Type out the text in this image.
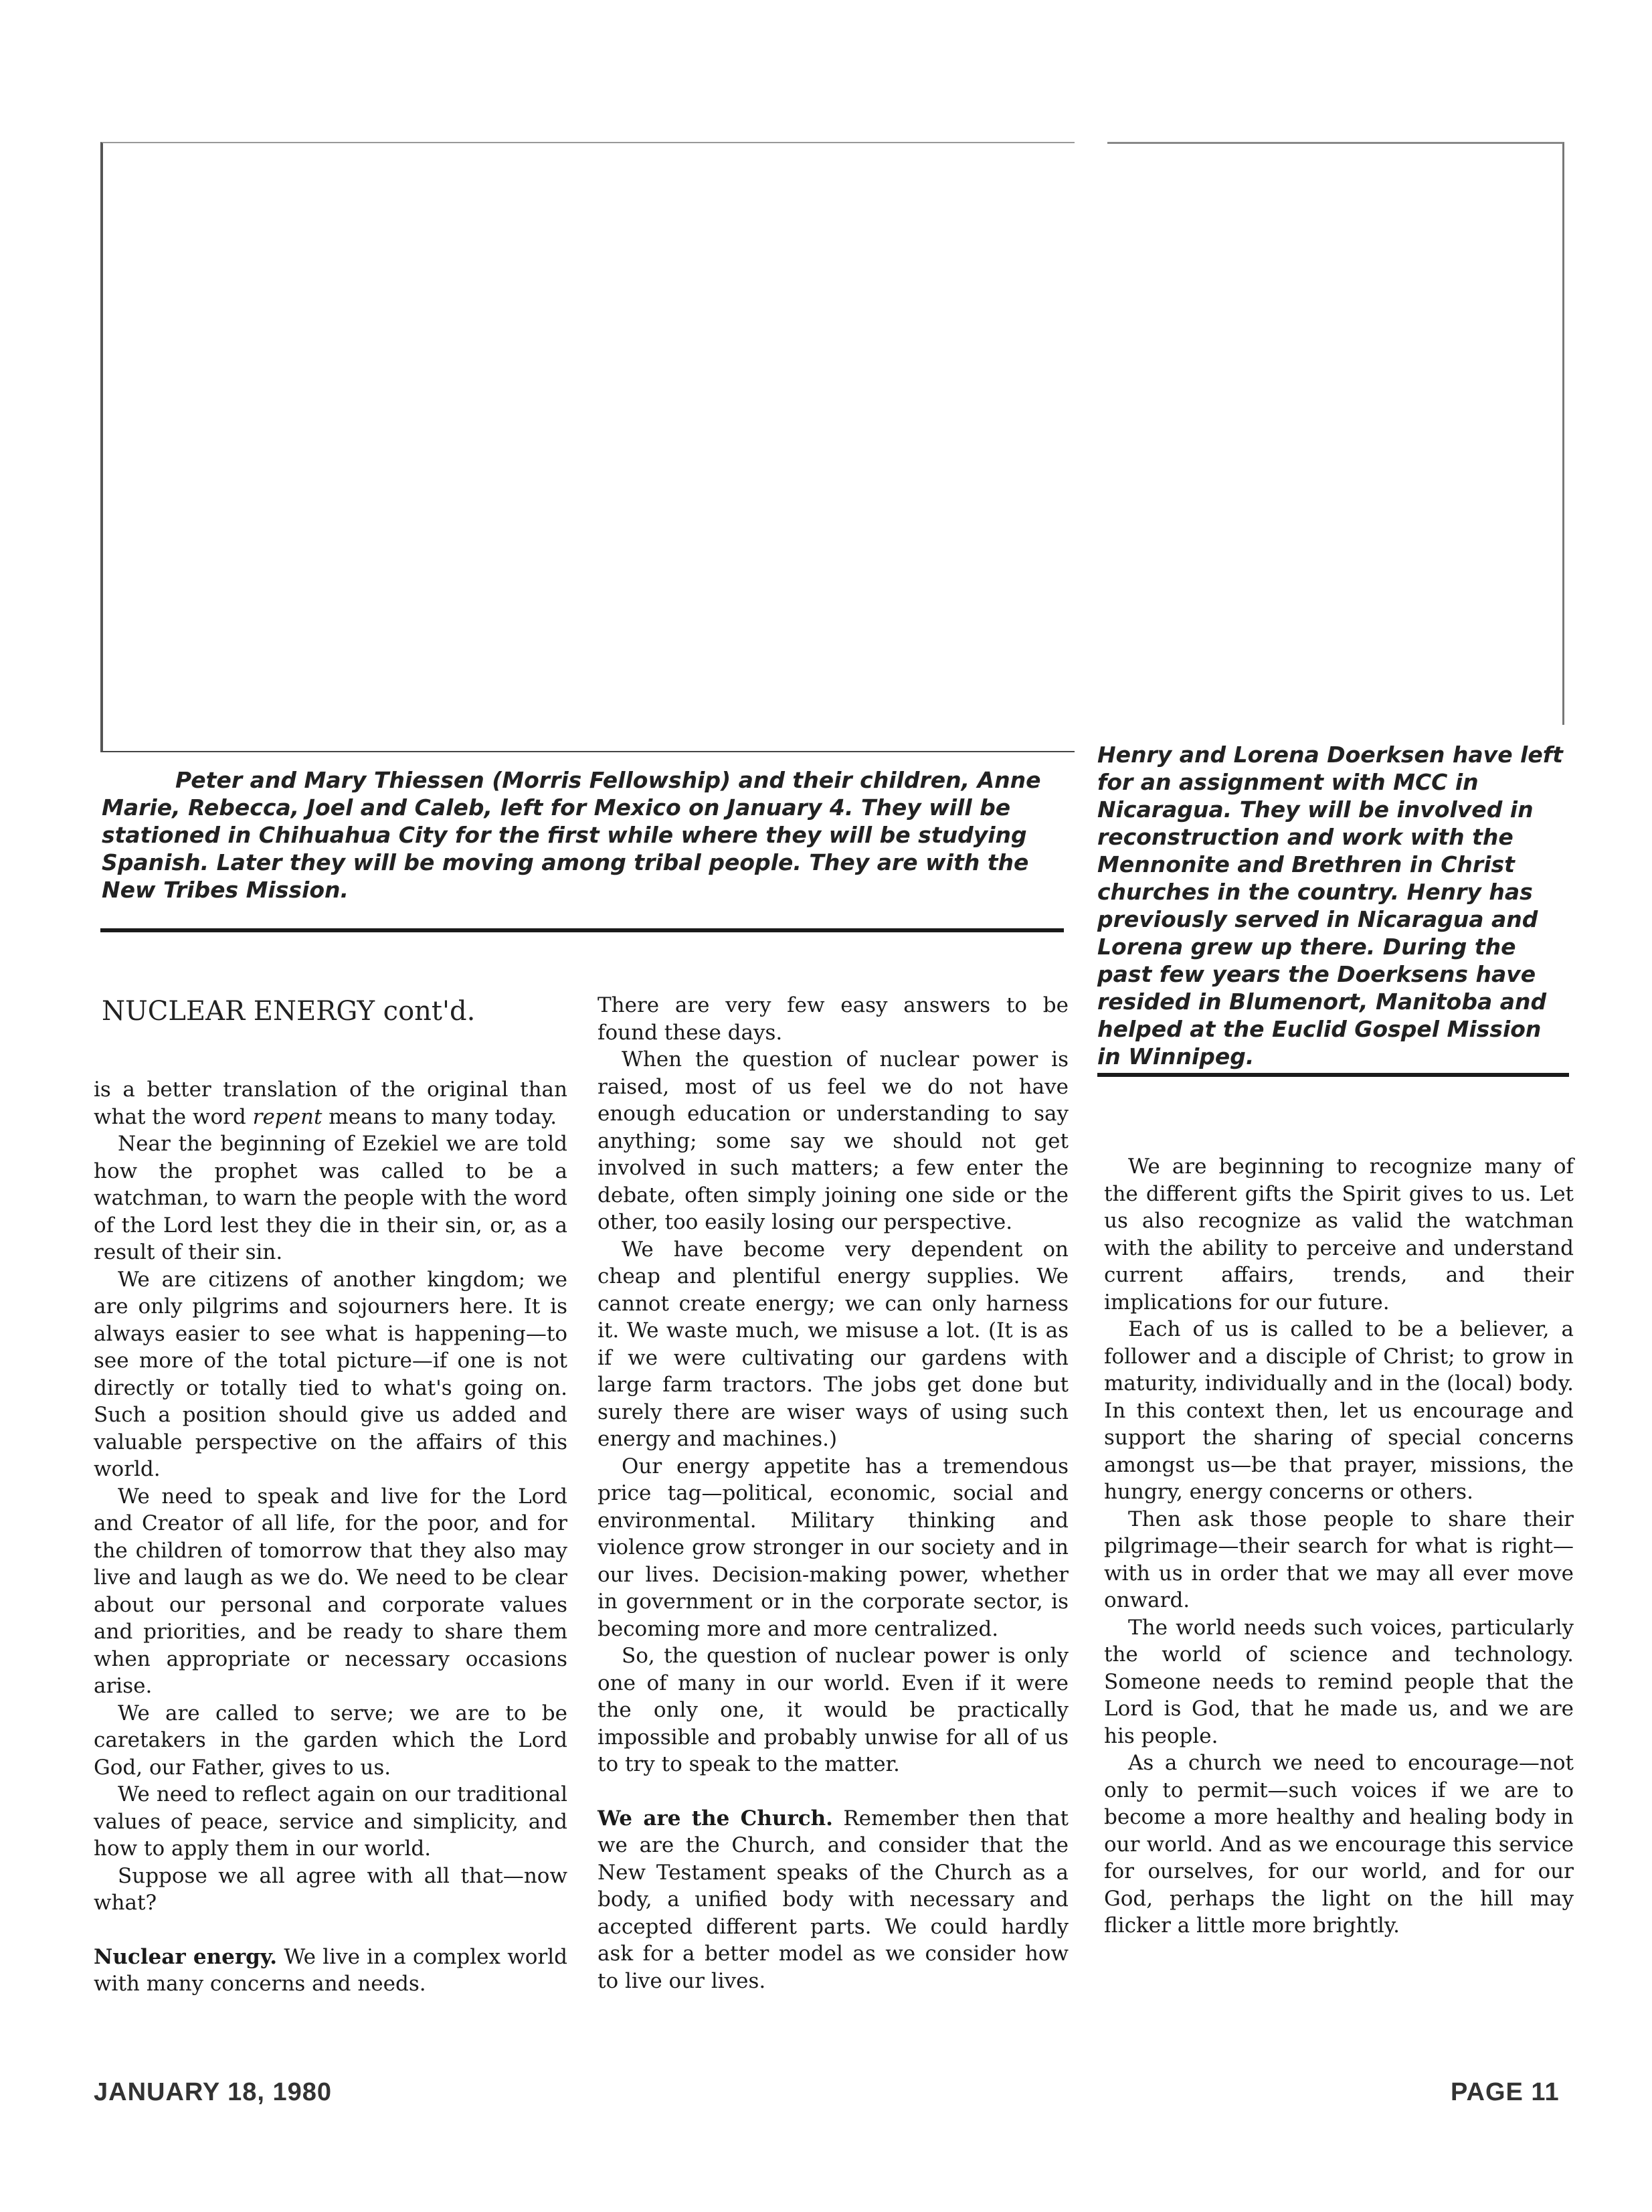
Peter and Mary Thiessen (Morris Fellowship) and their children, Anne Marie, Rebecca, Joel and Caleb, left for Mexico on January 4. They will be stationed in Chihuahua City for the first while where they will be studying Spanish. Later they will be moving among tribal people. They are with the New Tribes Mission.

Henry and Lorena Doerksen have left for an assignment with MCC in Nicaragua. They will be involved in reconstruction and work with the Mennonite and Brethren in Christ churches in the country. Henry has previously served in Nicaragua and Lorena grew up there. During the past few years the Doerksens have resided in Blumenort, Manitoba and helped at the Euclid Gospel Mission in Winnipeg.

NUCLEAR ENERGY cont'd.

is a better translation of the original than what the word repent means to many today.

Near the beginning of Ezekiel we are told how the prophet was called to be a watchman, to warn the people with the word of the Lord lest they die in their sin, or, as a result of their sin.

We are citizens of another kingdom; we are only pilgrims and sojourners here. It is always easier to see what is happening—to see more of the total picture—if one is not directly or totally tied to what's going on. Such a position should give us added and valuable perspective on the affairs of this world.

We need to speak and live for the Lord and Creator of all life, for the poor, and for the children of tomorrow that they also may live and laugh as we do. We need to be clear about our personal and corporate values and priorities, and be ready to share them when appropriate or necessary occasions arise.

We are called to serve; we are to be caretakers in the garden which the Lord God, our Father, gives to us.

We need to reflect again on our traditional values of peace, service and simplicity, and how to apply them in our world.

Suppose we all agree with all that—now what?

Nuclear energy. We live in a complex world with many concerns and needs.

There are very few easy answers to be found these days.

When the question of nuclear power is raised, most of us feel we do not have enough education or understanding to say anything; some say we should not get involved in such matters; a few enter the debate, often simply joining one side or the other, too easily losing our perspective.

We have become very dependent on cheap and plentiful energy supplies. We cannot create energy; we can only harness it. We waste much, we misuse a lot. (It is as if we were cultivating our gardens with large farm tractors. The jobs get done but surely there are wiser ways of using such energy and machines.)

Our energy appetite has a tremendous price tag—political, economic, social and environmental. Military thinking and violence grow stronger in our society and in our lives. Decision-making power, whether in government or in the corporate sector, is becoming more and more centralized.

So, the question of nuclear power is only one of many in our world. Even if it were the only one, it would be practically impossible and probably unwise for all of us to try to speak to the matter.

We are the Church. Remember then that we are the Church, and consider that the New Testament speaks of the Church as a body, a unified body with necessary and accepted different parts. We could hardly ask for a better model as we consider how to live our lives.

We are beginning to recognize many of the different gifts the Spirit gives to us. Let us also recognize as valid the watchman with the ability to perceive and understand current affairs, trends, and their implications for our future.

Each of us is called to be a believer, a follower and a disciple of Christ; to grow in maturity, individually and in the (local) body. In this context then, let us encourage and support the sharing of special concerns amongst us—be that prayer, missions, the hungry, energy concerns or others.

Then ask those people to share their pilgrimage—their search for what is right—with us in order that we may all ever move onward.

The world needs such voices, particularly the world of science and technology. Someone needs to remind people that the Lord is God, that he made us, and we are his people.

As a church we need to encourage—not only to permit—such voices if we are to become a more healthy and healing body in our world. And as we encourage this service for ourselves, for our world, and for our God, perhaps the light on the hill may flicker a little more brightly.

JANUARY 18, 1980	PAGE 11
